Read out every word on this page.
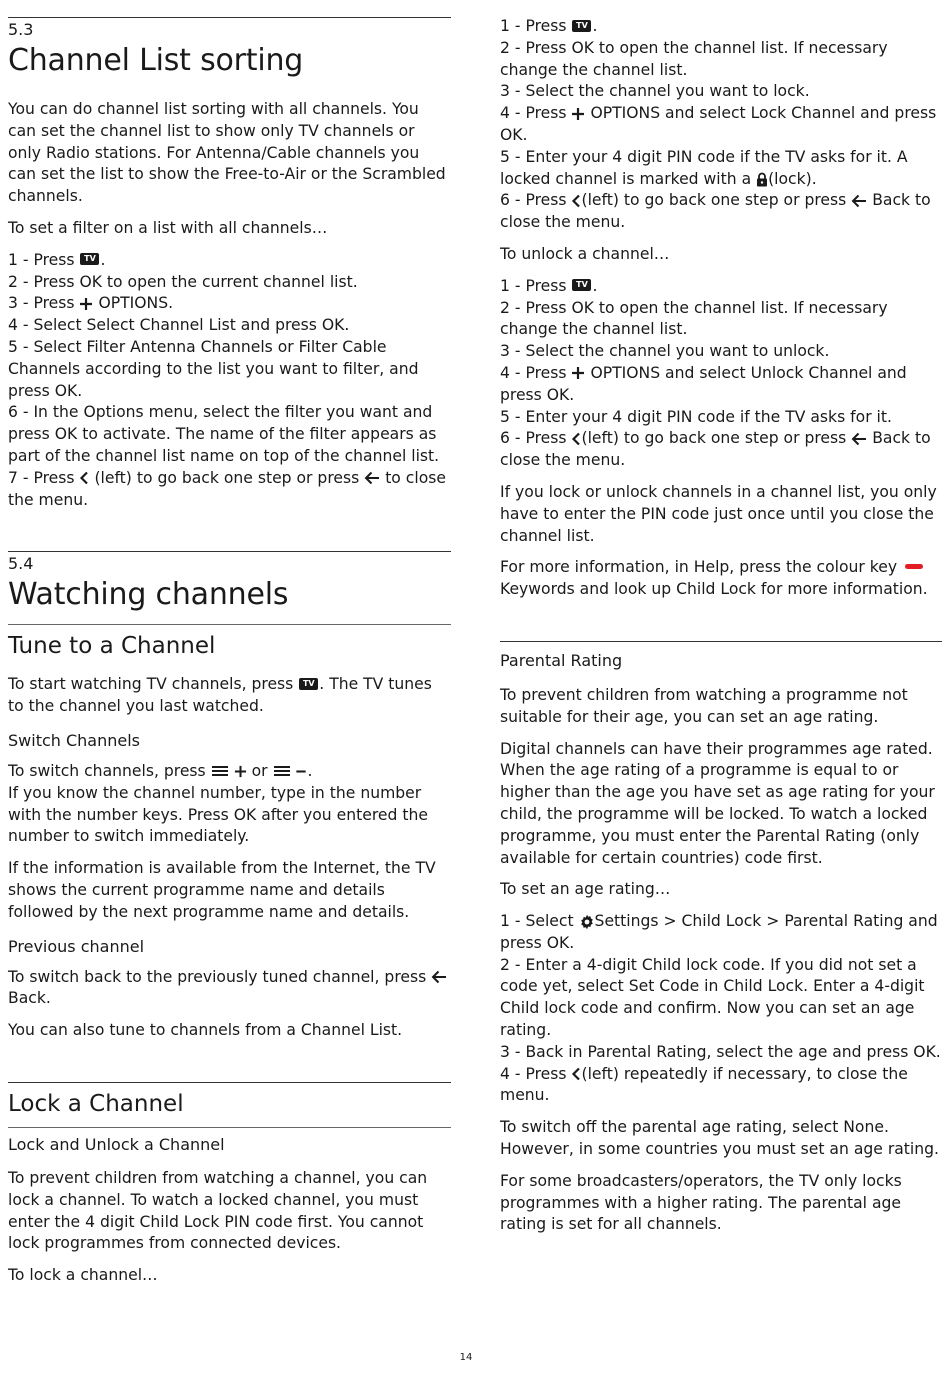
5.3
Channel List sorting

You can do channel list sorting with all channels. You can set the channel list to show only TV channels or only Radio stations. For Antenna/Cable channels you can set the list to show the Free-to-Air or the Scrambled channels.

To set a filter on a list with all channels…

1 - Press TV .

2 - Press OK to open the current channel list.

3 - Press OPTIONS.

4 - Select Select Channel List and press OK.

5 - Select Filter Antenna Channels or Filter Cable Channels according to the list you want to filter, and press OK.

6 - In the Options menu, select the filter you want and press OK to activate. The name of the filter appears as part of the channel list name on top of the channel list.

7 - Press (left) to go back one step or press to close the menu.

5.4
Watching channels
Tune to a Channel

To start watching TV channels, press TV . The TV tunes to the channel you last watched.

Switch Channels

To switch channels, press	or	.

If you know the channel number, type in the number with the number keys. Press OK after you entered the number to switch immediately.

If the information is available from the Internet, the TV shows the current programme name and details followed by the next programme name and details.

Previous channel

To switch back to the previously tuned channel, press  Back.

You can also tune to channels from a Channel List.

Lock a Channel
Lock and Unlock a Channel

To prevent children from watching a channel, you can lock a channel. To watch a locked channel, you must enter the 4 digit Child Lock PIN code first. You cannot lock programmes from connected devices.

To lock a channel…

1 - Press TV .

2 - Press OK to open the channel list. If necessary change the channel list.

3 - Select the channel you want to lock.

4 - Press OPTIONS and select Lock Channel and press OK.

5 - Enter your 4 digit PIN code if the TV asks for it. A locked channel is marked with a (lock).

6 - Press (left) to go back one step or press Back to close the menu.

To unlock a channel…

1 - Press TV .

2 - Press OK to open the channel list. If necessary change the channel list.

3 - Select the channel you want to unlock.

4 - Press OPTIONS and select Unlock Channel and press OK.

5 - Enter your 4 digit PIN code if the TV asks for it.

6 - Press (left) to go back one step or press Back to close the menu.

If you lock or unlock channels in a channel list, you only have to enter the PIN code just once until you close the channel list.

For more information, in Help, press the colour key Keywords and look up Child Lock for more information.

Parental Rating

To prevent children from watching a programme not suitable for their age, you can set an age rating.

Digital channels can have their programmes age rated. When the age rating of a programme is equal to or higher than the age you have set as age rating for your child, the programme will be locked. To watch a locked programme, you must enter the Parental Rating (only available for certain countries) code first.

To set an age rating…

1 - Select Settings > Child Lock > Parental Rating and press OK.

2 - Enter a 4-digit Child lock code. If you did not set a code yet, select Set Code in Child Lock. Enter a 4-digit Child lock code and confirm. Now you can set an age rating.

3 - Back in Parental Rating, select the age and press OK.

4 - Press (left) repeatedly if necessary, to close the menu.

To switch off the parental age rating, select None. However, in some countries you must set an age rating.

For some broadcasters/operators, the TV only locks programmes with a higher rating. The parental age rating is set for all channels.

14
